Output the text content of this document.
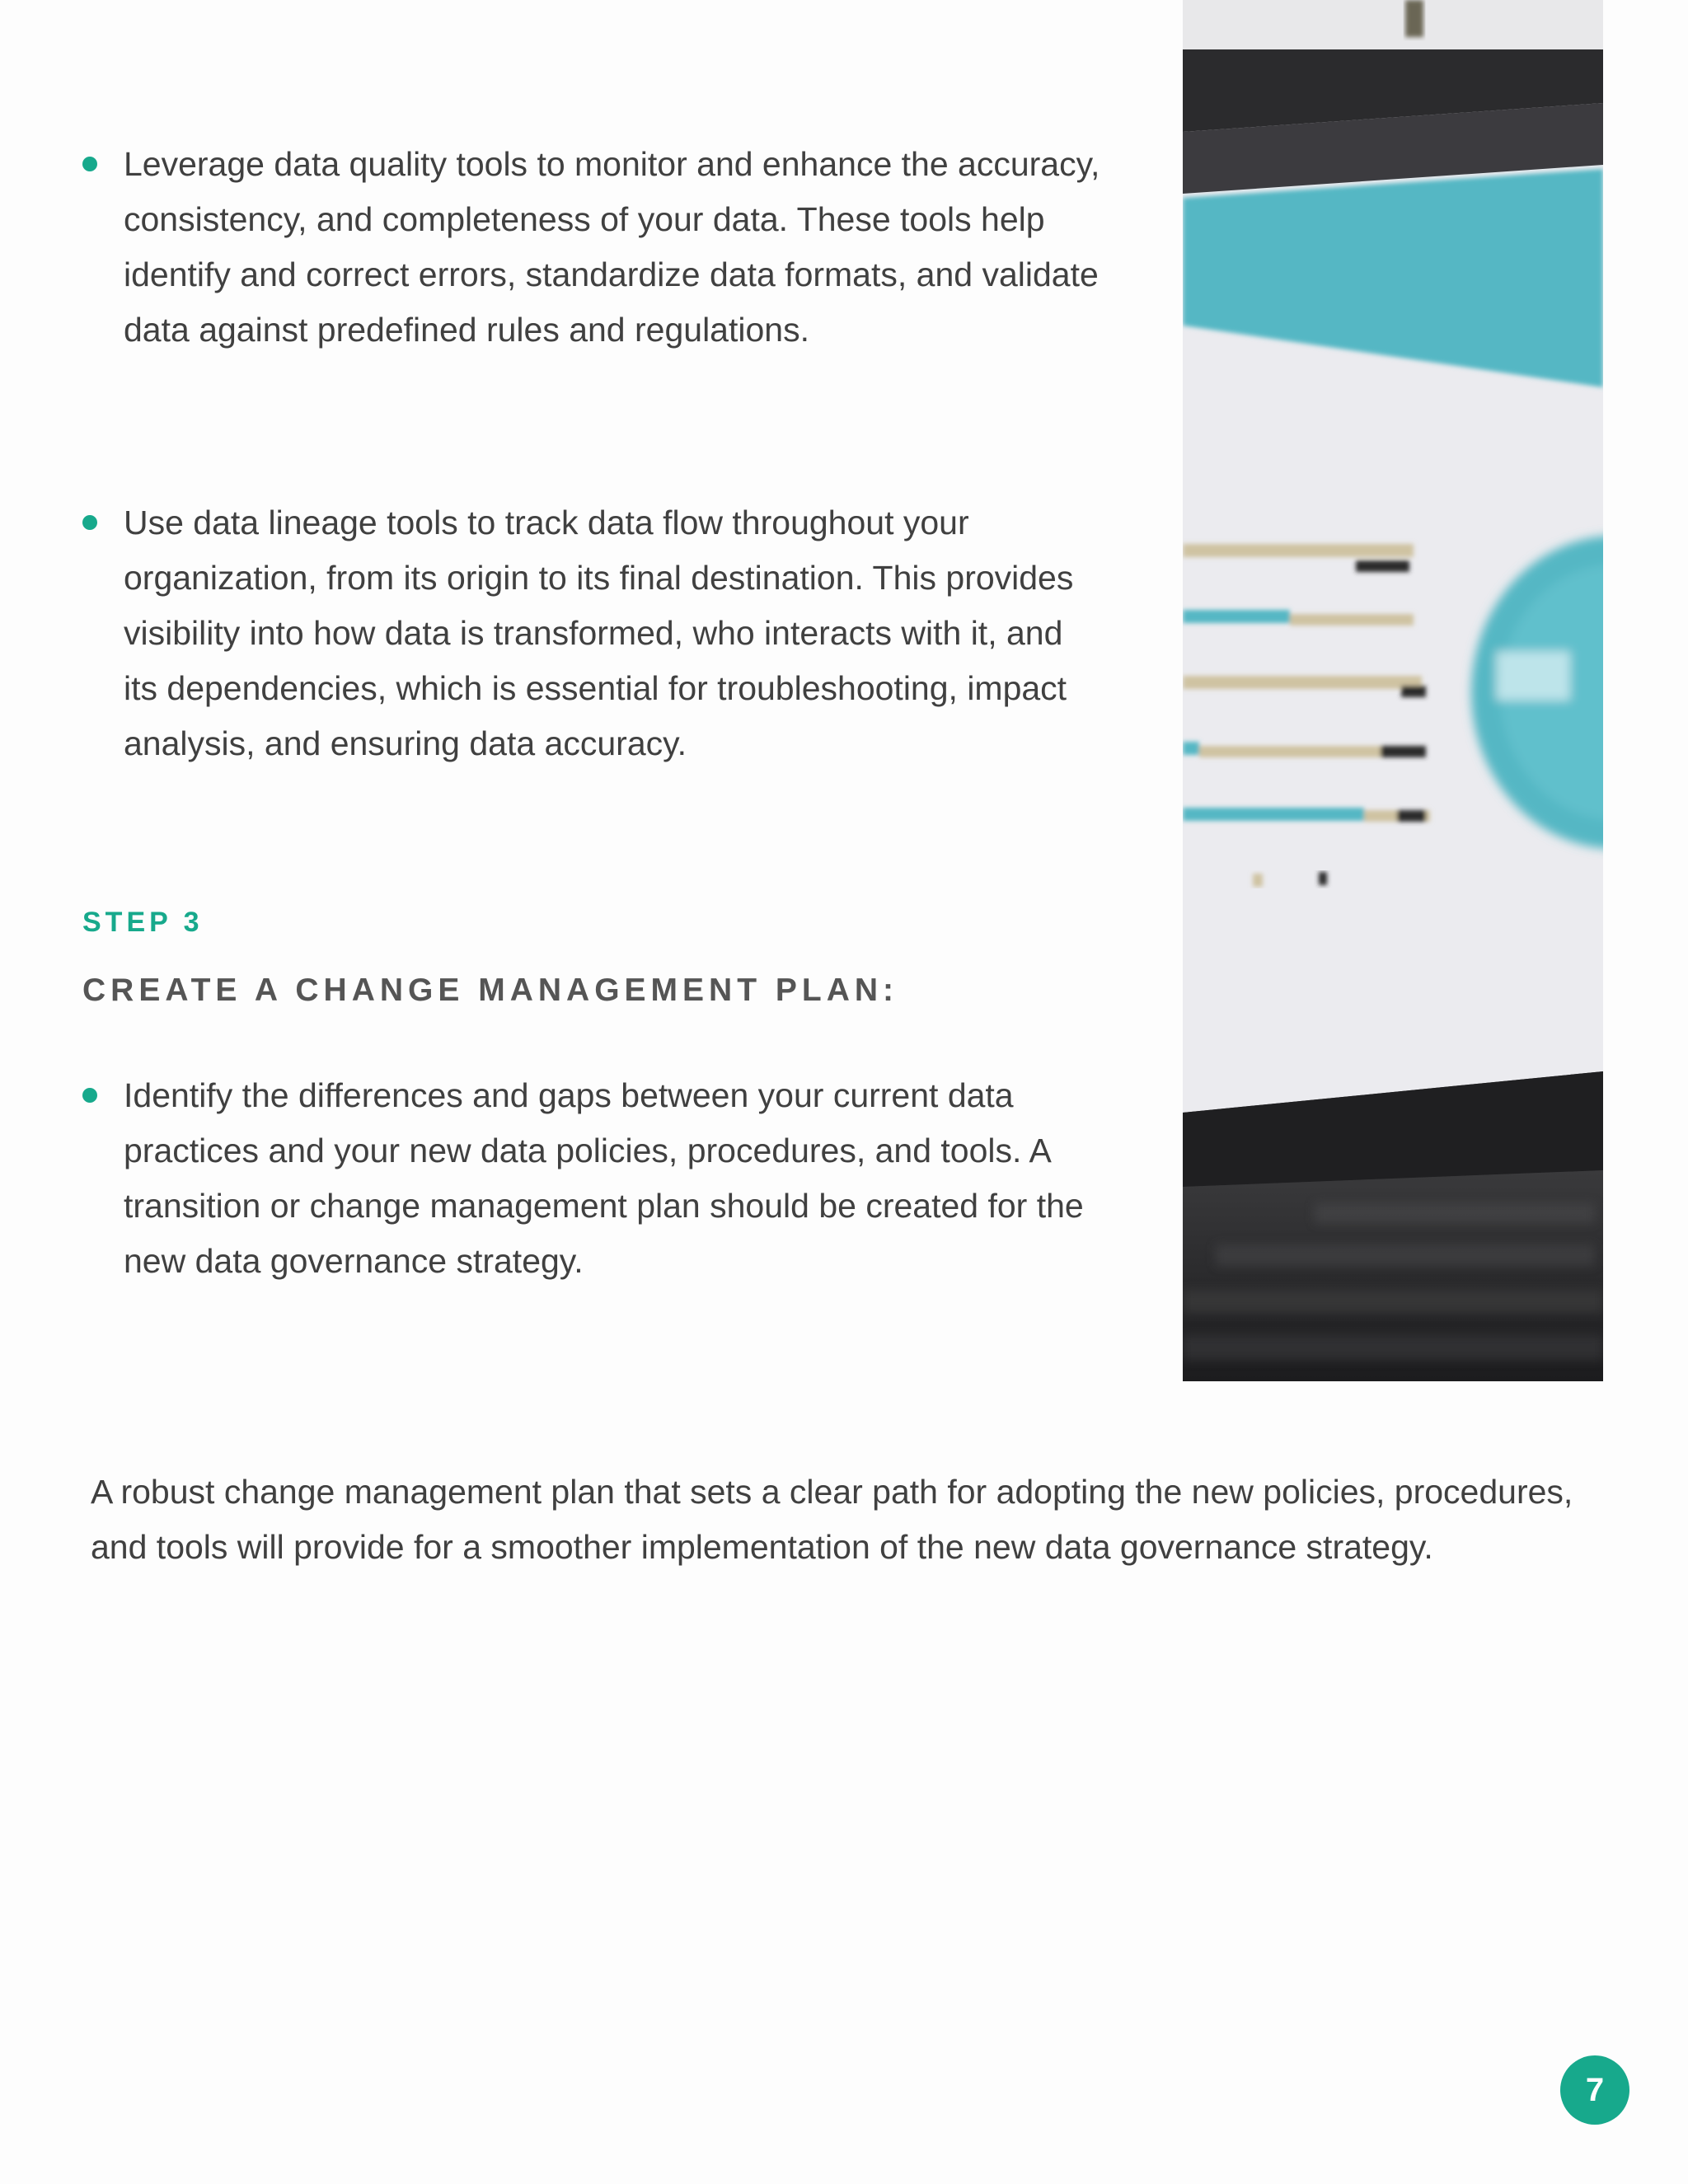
Leverage data quality tools to monitor and enhance the accuracy, consistency, and completeness of your data. These tools help identify and correct errors, standardize data formats, and validate data against predefined rules and regulations.
Use data lineage tools to track data flow throughout your organization, from its origin to its final destination. This provides visibility into how data is transformed, who interacts with it, and its dependencies, which is essential for troubleshooting, impact analysis, and ensuring data accuracy.
STEP 3
CREATE A CHANGE MANAGEMENT PLAN:
Identify the differences and gaps between your current data practices and your new data policies, procedures, and tools. A transition or change management plan should be created for the new data governance strategy.
A robust change management plan that sets a clear path for adopting the new policies, procedures, and tools will provide for a smoother implementation of the new data governance strategy.
7
